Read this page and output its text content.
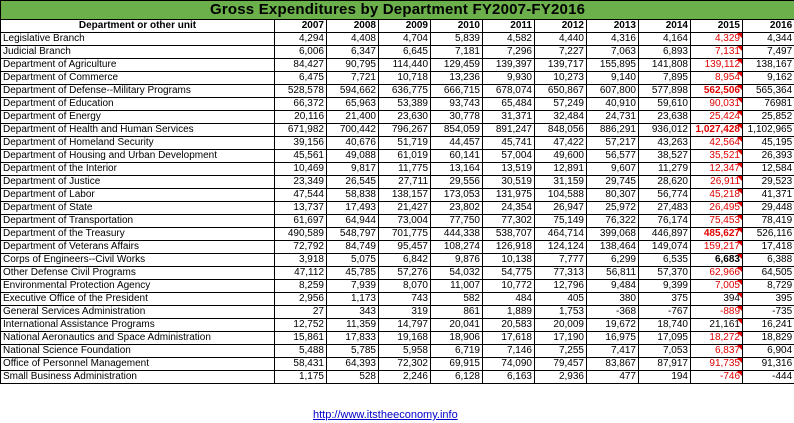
Gross Expenditures by Department FY2007-FY2016										
Department or other unit	2007	2008	2009	2010	2011	2012	2013	2014	2015	2016
Legislative Branch	4,294	4,408	4,704	5,839	4,582	4,440	4,316	4,164	4,329	4,344
Judicial Branch	6,006	6,347	6,645	7,181	7,296	7,227	7,063	6,893	7,131	7,497
Department of Agriculture	84,427	90,795	114,440	129,459	139,397	139,717	155,895	141,808	139,112	138,167
Department of Commerce	6,475	7,721	10,718	13,236	9,930	10,273	9,140	7,895	8,954	9,162
Department of Defense--Military Programs	528,578	594,662	636,775	666,715	678,074	650,867	607,800	577,898	562,506	565,364
Department of Education	66,372	65,963	53,389	93,743	65,484	57,249	40,910	59,610	90,031	76981
Department of Energy	20,116	21,400	23,630	30,778	31,371	32,484	24,731	23,638	25,424	25,852
Department of Health and Human Services	671,982	700,442	796,267	854,059	891,247	848,056	886,291	936,012	1,027,428	1,102,965
Department of Homeland Security	39,156	40,676	51,719	44,457	45,741	47,422	57,217	43,263	42,564	45,195
Department of Housing and Urban Development	45,561	49,088	61,019	60,141	57,004	49,600	56,577	38,527	35,521	26,393
Department of the Interior	10,469	9,817	11,775	13,164	13,519	12,891	9,607	11,279	12,347	12,584
Department of Justice	23,349	26,545	27,711	29,556	30,519	31,159	29,745	28,620	26,911	29,523
Department of Labor	47,544	58,838	138,157	173,053	131,975	104,588	80,307	56,774	45,218	41,371
Department of State	13,737	17,493	21,427	23,802	24,354	26,947	25,972	27,483	26,495	29,448
Department of Transportation	61,697	64,944	73,004	77,750	77,302	75,149	76,322	76,174	75,453	78,419
Department of the Treasury	490,589	548,797	701,775	444,338	538,707	464,714	399,068	446,897	485,627	526,116
Department of Veterans Affairs	72,792	84,749	95,457	108,274	126,918	124,124	138,464	149,074	159,217	17,418
Corps of Engineers--Civil Works	3,918	5,075	6,842	9,876	10,138	7,777	6,299	6,535	6,683	6,388
Other Defense Civil Programs	47,112	45,785	57,276	54,032	54,775	77,313	56,811	57,370	62,966	64,505
Environmental Protection Agency	8,259	7,939	8,070	11,007	10,772	12,796	9,484	9,399	7,005	8,729
Executive Office of the President	2,956	1,173	743	582	484	405	380	375	394	395
General Services Administration	27	343	319	861	1,889	1,753	-368	-767	-889	-735
International Assistance Programs	12,752	11,359	14,797	20,041	20,583	20,009	19,672	18,740	21,161	16,241
National Aeronautics and Space Administration	15,861	17,833	19,168	18,906	17,618	17,190	16,975	17,095	18,272	18,829
National Science Foundation	5,488	5,785	5,958	6,719	7,146	7,255	7,417	7,053	6,837	6,904
Office of Personnel Management	58,431	64,393	72,302	69,915	74,090	79,457	83,867	87,917	91,735	91,316
Small Business Administration	1,175	528	2,246	6,128	6,163	2,936	477	194	-746	-444
http://www.itstheeconomy.info
